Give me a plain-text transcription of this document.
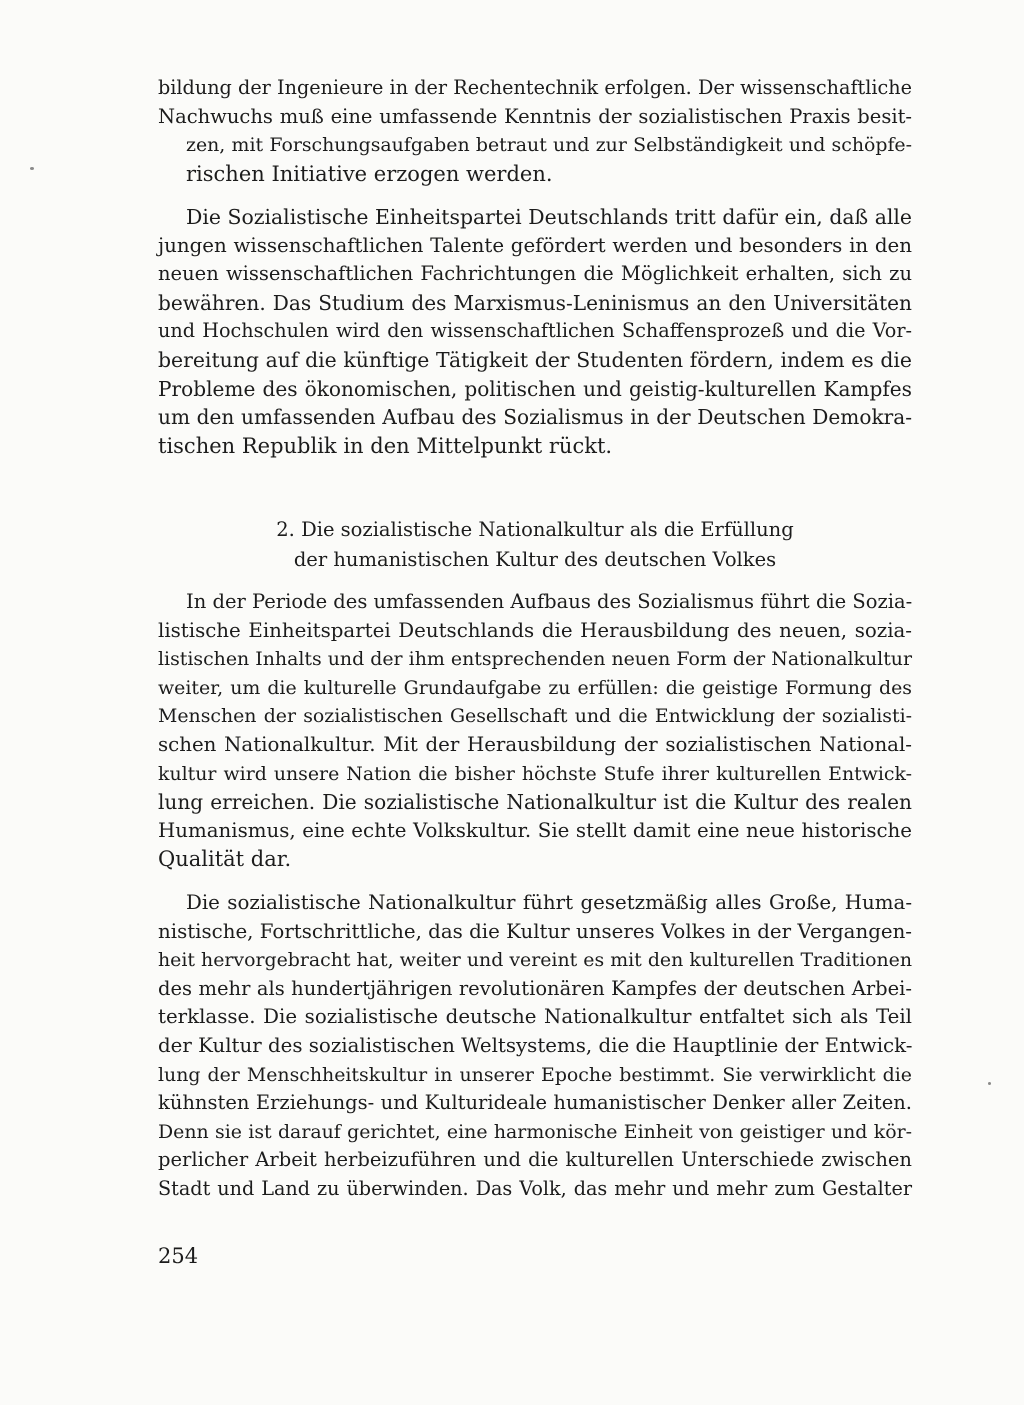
bildung der Ingenieure in der Rechentechnik erfolgen. Der wissenschaftliche
Nachwuchs muß eine umfassende Kenntnis der sozialistischen Praxis besit-
zen, mit Forschungsaufgaben betraut und zur Selbständigkeit und schöpfe-
rischen Initiative erzogen werden.
Die Sozialistische Einheitspartei Deutschlands tritt dafür ein, daß alle
jungen wissenschaftlichen Talente gefördert werden und besonders in den
neuen wissenschaftlichen Fachrichtungen die Möglichkeit erhalten, sich zu
bewähren. Das Studium des Marxismus-Leninismus an den Universitäten
und Hochschulen wird den wissenschaftlichen Schaffensprozeß und die Vor-
bereitung auf die künftige Tätigkeit der Studenten fördern, indem es die
Probleme des ökonomischen, politischen und geistig-kulturellen Kampfes
um den umfassenden Aufbau des Sozialismus in der Deutschen Demokra-
tischen Republik in den Mittelpunkt rückt.
2. Die sozialistische Nationalkultur als die Erfüllung
der humanistischen Kultur des deutschen Volkes
In der Periode des umfassenden Aufbaus des Sozialismus führt die Sozia-
listische Einheitspartei Deutschlands die Herausbildung des neuen, sozia-
listischen Inhalts und der ihm entsprechenden neuen Form der Nationalkultur
weiter, um die kulturelle Grundaufgabe zu erfüllen: die geistige Formung des
Menschen der sozialistischen Gesellschaft und die Entwicklung der sozialisti-
schen Nationalkultur. Mit der Herausbildung der sozialistischen National-
kultur wird unsere Nation die bisher höchste Stufe ihrer kulturellen Entwick-
lung erreichen. Die sozialistische Nationalkultur ist die Kultur des realen
Humanismus, eine echte Volkskultur. Sie stellt damit eine neue historische
Qualität dar.
Die sozialistische Nationalkultur führt gesetzmäßig alles Große, Huma-
nistische, Fortschrittliche, das die Kultur unseres Volkes in der Vergangen-
heit hervorgebracht hat, weiter und vereint es mit den kulturellen Traditionen
des mehr als hundertjährigen revolutionären Kampfes der deutschen Arbei-
terklasse. Die sozialistische deutsche Nationalkultur entfaltet sich als Teil
der Kultur des sozialistischen Weltsystems, die die Hauptlinie der Entwick-
lung der Menschheitskultur in unserer Epoche bestimmt. Sie verwirklicht die
kühnsten Erziehungs- und Kulturideale humanistischer Denker aller Zeiten.
Denn sie ist darauf gerichtet, eine harmonische Einheit von geistiger und kör-
perlicher Arbeit herbeizuführen und die kulturellen Unterschiede zwischen
Stadt und Land zu überwinden. Das Volk, das mehr und mehr zum Gestalter
254
